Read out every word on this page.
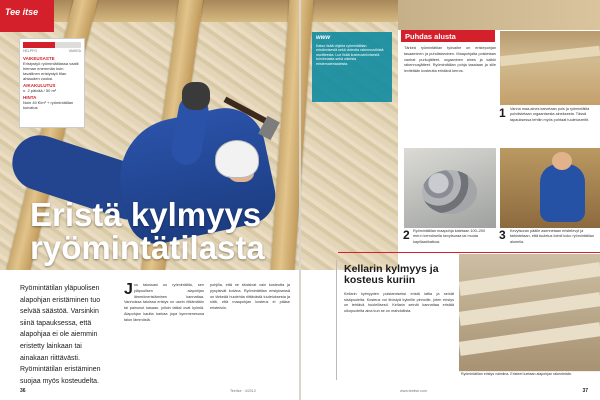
Eristä kylmyys ryömintätilasta
Tee itse
HELPPO	VAIKEA
VAIKEUSASTE
Eristystyö ryömintätilassa vaatii hieman enemmän kuin tavallinen eristystyö tilan ahtauden vuoksi.
AIKAKULUTUS
n. 2 päivää / 50 m²
HINTA
Noin 40 €/m² + ryömintätilan kuivatus
www
Katso lisää ohjeita ryömintätilan eristämisestä sekä videoita rakennustöistä osoitteesta. Lue lisää kosteusteknisestä toiminnasta sekä oikeista eristemateriaaleista.

Ryömintätilan yläpuolisen alapohjan eristäminen tuo selvää säästöä. Varsinkin siinä tapauksessa, että alapohjaa ei ole aiemmin eristetty lainkaan tai ainakaan riittävästi. Ryömintätilan eristäminen suojaa myös kosteudelta.

Jos talossasi on ryömintätila, sen yläpuolisen alapohjan lämmöneristäminen kannattaa. Vanhoissa taloissa eristys on usein riittämätön tai painunut kasaan, jolloin lattiat ovat kylmiä. Alapohjan kautta karkaa jopa kymmenesosa talon lämmöstä.

pohjilla, että ne sitoisivat vain kosteutta ja pysyisivät kuivina. Ryömintätilan eristyksessä on tärkeää huolehtia riittävästä tuuletuksesta ja siitä, että maapohjan kosteus ei pääse eristeisiin.

36	TeeItse · 4/2010
Puhdas alusta

Tärkeä ryömintätilan työvaihe on eristepohjan tasaaminen ja puhdistaminen. Maapohjalta poistetaan vanhat purkujätteet, orgaaninen aines ja kaikki rakennusjätteet. Ryömintätilan pohja tasataan ja sille levitetään kosteutta eristävä kerros.

1 Vanha maa-aines kaivetaan pois ja ryömintätila puhdistetaan orgaanisesta aineksesta. Tässä tapauksessa tehtiin myös puhtaat tuuletusreitit.

2 Ryömintätilan maapohja katetaan 100–200 mm:n kerroksella kevytsoraa tai muuta kapillaarikatkoa.	3 Kevytsoran päälle asennetaan eristelevyt ja tarkistetaan, että tuuletus toimii koko ryömintätilan alueella.

Kellarin kylmyys ja kosteus kuriin

Kellarin kylmyyden poistamiseksi eristä lattia ja seinät sisäpuolelta. Kosteus voi tiivistyä kylmille pinnoille, joten eristys on tehtävä huolellisesti. Kellarin seinät kannattaa eristää ulkopuolelta aina kun se on mahdollista.

Ryömintätilan eristys valmiina. Eristeet tuetaan alapohjan rakenteisiin.

www.teeitse.com	37
